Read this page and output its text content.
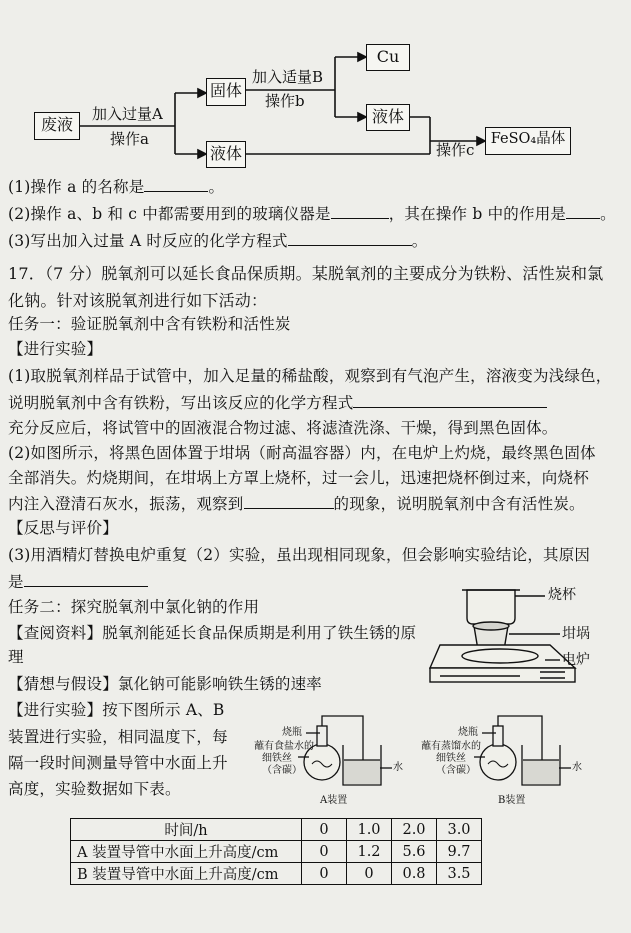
废液
固体
液体
Cu
液体
FeSO₄晶体
加入过量A
操作a
加入适量B
操作b
操作c
(1)操作 a 的名称是	。
(2)操作 a、b 和 c 中都需要用到的玻璃仪器是	，其在操作 b 中的作用是 。
(3)写出加入过量 A 时反应的化学方程式	。
17．（7 分）脱氧剂可以延长食品保质期。某脱氧剂的主要成分为铁粉、活性炭和氯
化钠。针对该脱氧剂进行如下活动：
任务一：验证脱氧剂中含有铁粉和活性炭
【进行实验】
(1)取脱氧剂样品于试管中，加入足量的稀盐酸，观察到有气泡产生，溶液变为浅绿色，
说明脱氧剂中含有铁粉，写出该反应的化学方程式
充分反应后，将试管中的固液混合物过滤、将滤渣洗涤、干燥，得到黑色固体。
(2)如图所示，将黑色固体置于坩埚（耐高温容器）内，在电炉上灼烧，最终黑色固体
全部消失。灼烧期间，在坩埚上方罩上烧杯，过一会儿，迅速把烧杯倒过来，向烧杯
内注入澄清石灰水，振荡，观察到	的现象，说明脱氧剂中含有活性炭。
【反思与评价】
(3)用酒精灯替换电炉重复（2）实验，虽出现相同现象，但会影响实验结论，其原因
是
任务二：探究脱氧剂中氯化钠的作用
【查阅资料】脱氧剂能延长食品保质期是利用了铁生锈的原
理
【猜想与假设】氯化钠可能影响铁生锈的速率
【进行实验】按下图所示 A、B
装置进行实验，相同温度下，每
隔一段时间测量导管中水面上升
高度，实验数据如下表。
烧杯
坩埚
电炉
烧瓶
蘸有食盐水的
细铁丝
（含碳）	水
A装置
烧瓶
蘸有蒸馏水的
细铁丝
（含碳）	水
B装置
时间/h	0	1.0	2.0	3.0
A 装置导管中水面上升高度/cm	0	1.2	5.6	9.7
B 装置导管中水面上升高度/cm	0	0	0.8	3.5
